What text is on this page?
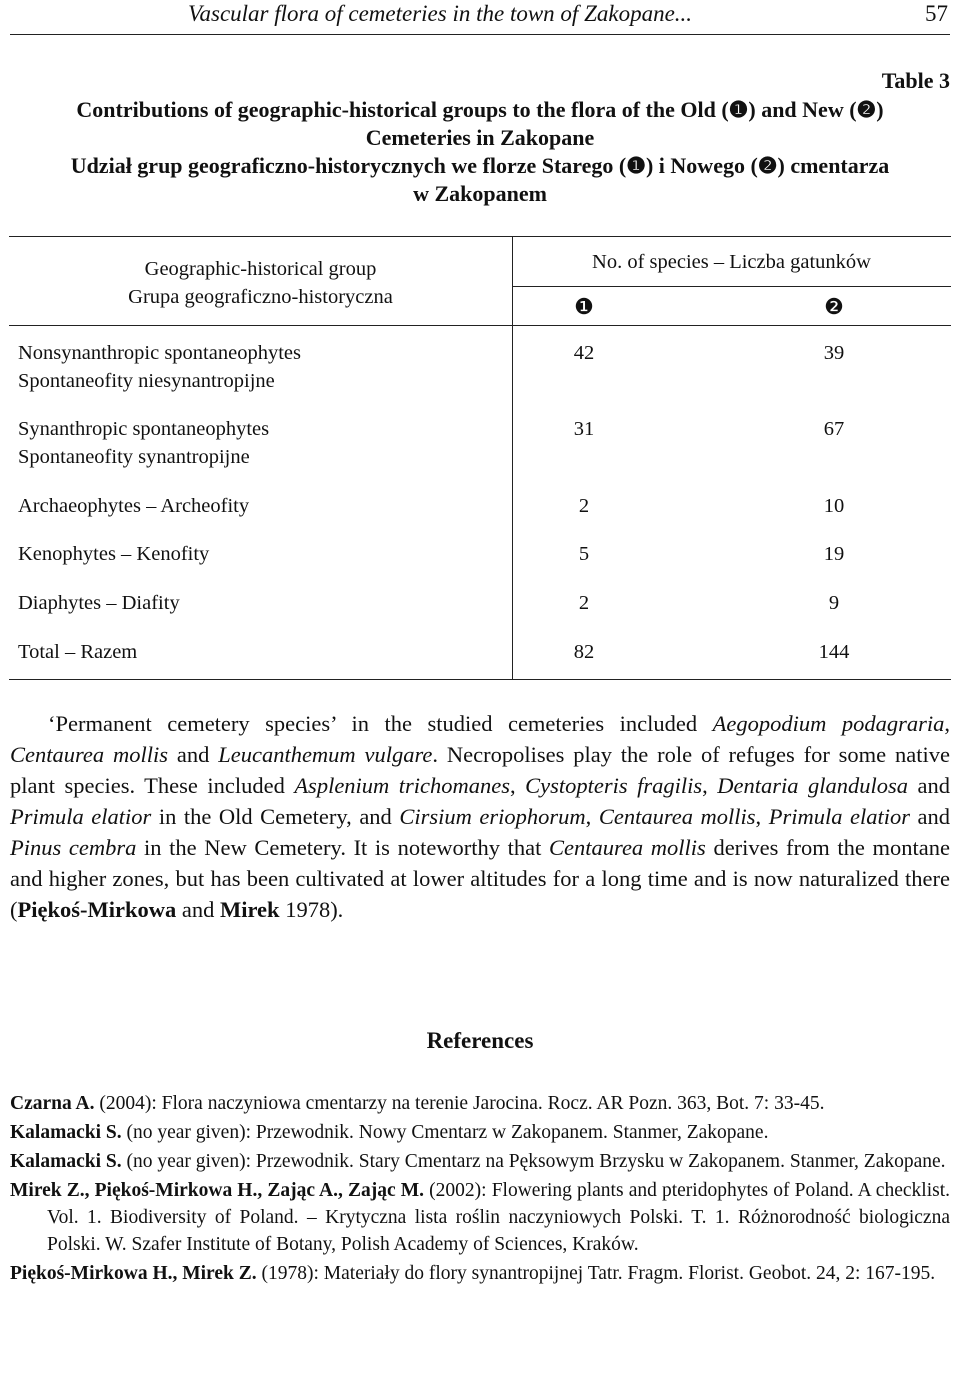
Vascular flora of cemeteries in the town of Zakopane...	57
Table 3
Contributions of geographic-historical groups to the flora of the Old (❶) and New (❷)
Cemeteries in Zakopane
Udział grup geograficzno-historycznych we florze Starego (❶) i Nowego (❷) cmentarza
w Zakopanem
Geographic-historical group
Grupa geograficzno-historyczna
No. of species – Liczba gatunków
❶	❷
Nonsynanthropic spontaneophytes
Spontaneofity niesynantropijne
42	39
Synanthropic spontaneophytes
Spontaneofity synantropijne
31	67
Archaeophytes – Archeofity	2	10
Kenophytes – Kenofity	5	19
Diaphytes – Diafity	2	9
Total – Razem	82	144
‘Permanent cemetery species’ in the studied cemeteries included Aegopodium podagraria, Centaurea mollis and Leucanthemum vulgare. Necropolises play the role of refuges for some native plant species. These included Asplenium trichomanes, Cystopteris fragilis, Dentaria glandulosa and Primula elatior in the Old Cemetery, and Cirsium eriophorum, Centaurea mollis, Primula elatior and Pinus cembra in the New Cemetery. It is noteworthy that Centaurea mollis derives from the montane and higher zones, but has been cultivated at lower altitudes for a long time and is now naturalized there (Piękoś-Mirkowa and Mirek 1978).
References
Czarna A. (2004): Flora naczyniowa cmentarzy na terenie Jarocina. Rocz. AR Pozn. 363, Bot. 7: 33-45.
Kalamacki S. (no year given): Przewodnik. Nowy Cmentarz w Zakopanem. Stanmer, Zakopane.
Kalamacki S. (no year given): Przewodnik. Stary Cmentarz na Pęksowym Brzysku w Zakopanem. Stanmer, Zakopane.
Mirek Z., Piękoś-Mirkowa H., Zając A., Zając M. (2002): Flowering plants and pteridophytes of Poland. A checklist. Vol. 1. Biodiversity of Poland. – Krytyczna lista roślin naczyniowych Polski. T. 1. Różnorodność biologiczna Polski. W. Szafer Institute of Botany, Polish Academy of Sciences, Kraków.
Piękoś-Mirkowa H., Mirek Z. (1978): Materiały do flory synantropijnej Tatr. Fragm. Florist. Geobot. 24, 2: 167-195.
